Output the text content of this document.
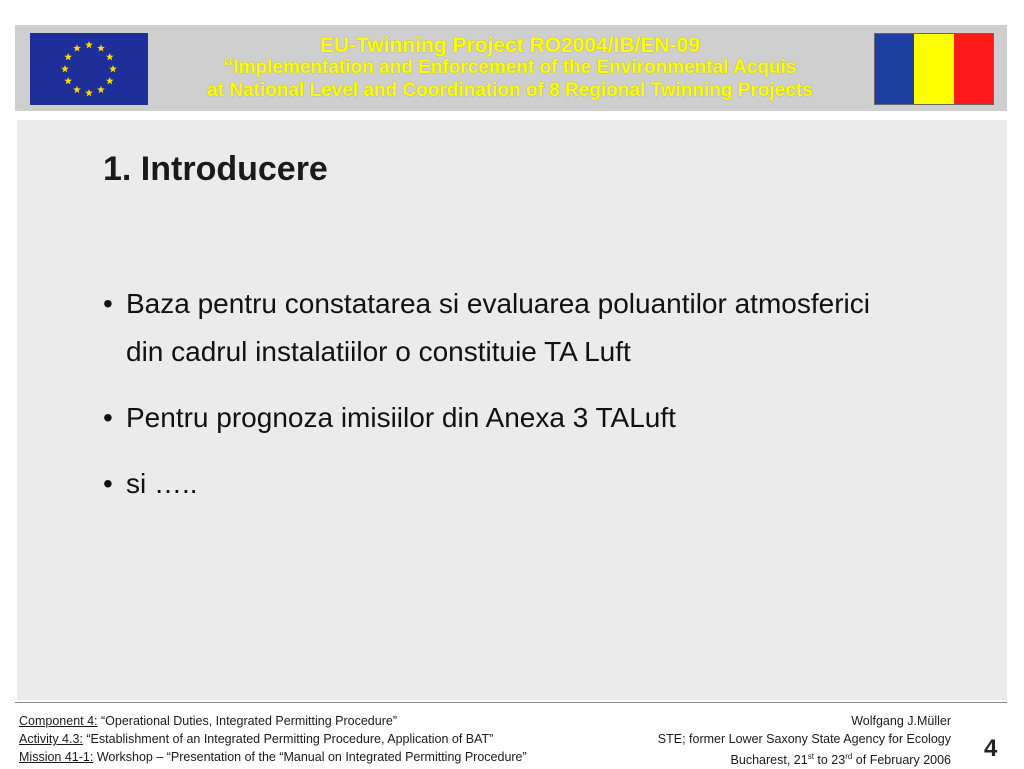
EU-Twinning Project RO2004/IB/EN-09
“Implementation and Enforcement of the Environmental Acquis
at National Level and Coordination of 8 Regional Twinning Projects
1. Introducere
• Baza pentru constatarea si evaluarea poluantilor atmosferici din cadrul instalatiilor o constituie TA Luft
• Pentru prognoza imisiilor din Anexa 3 TALuft
• si …..
Component 4: “Operational Duties, Integrated Permitting Procedure”
Activity 4.3: “Establishment of an Integrated Permitting Procedure, Application of BAT”
Mission 41-1: Workshop – “Presentation of the “Manual on Integrated Permitting Procedure”
Wolfgang J.Müller
STE; former Lower Saxony State Agency for Ecology
Bucharest, 21st to 23rd of February 2006 4
